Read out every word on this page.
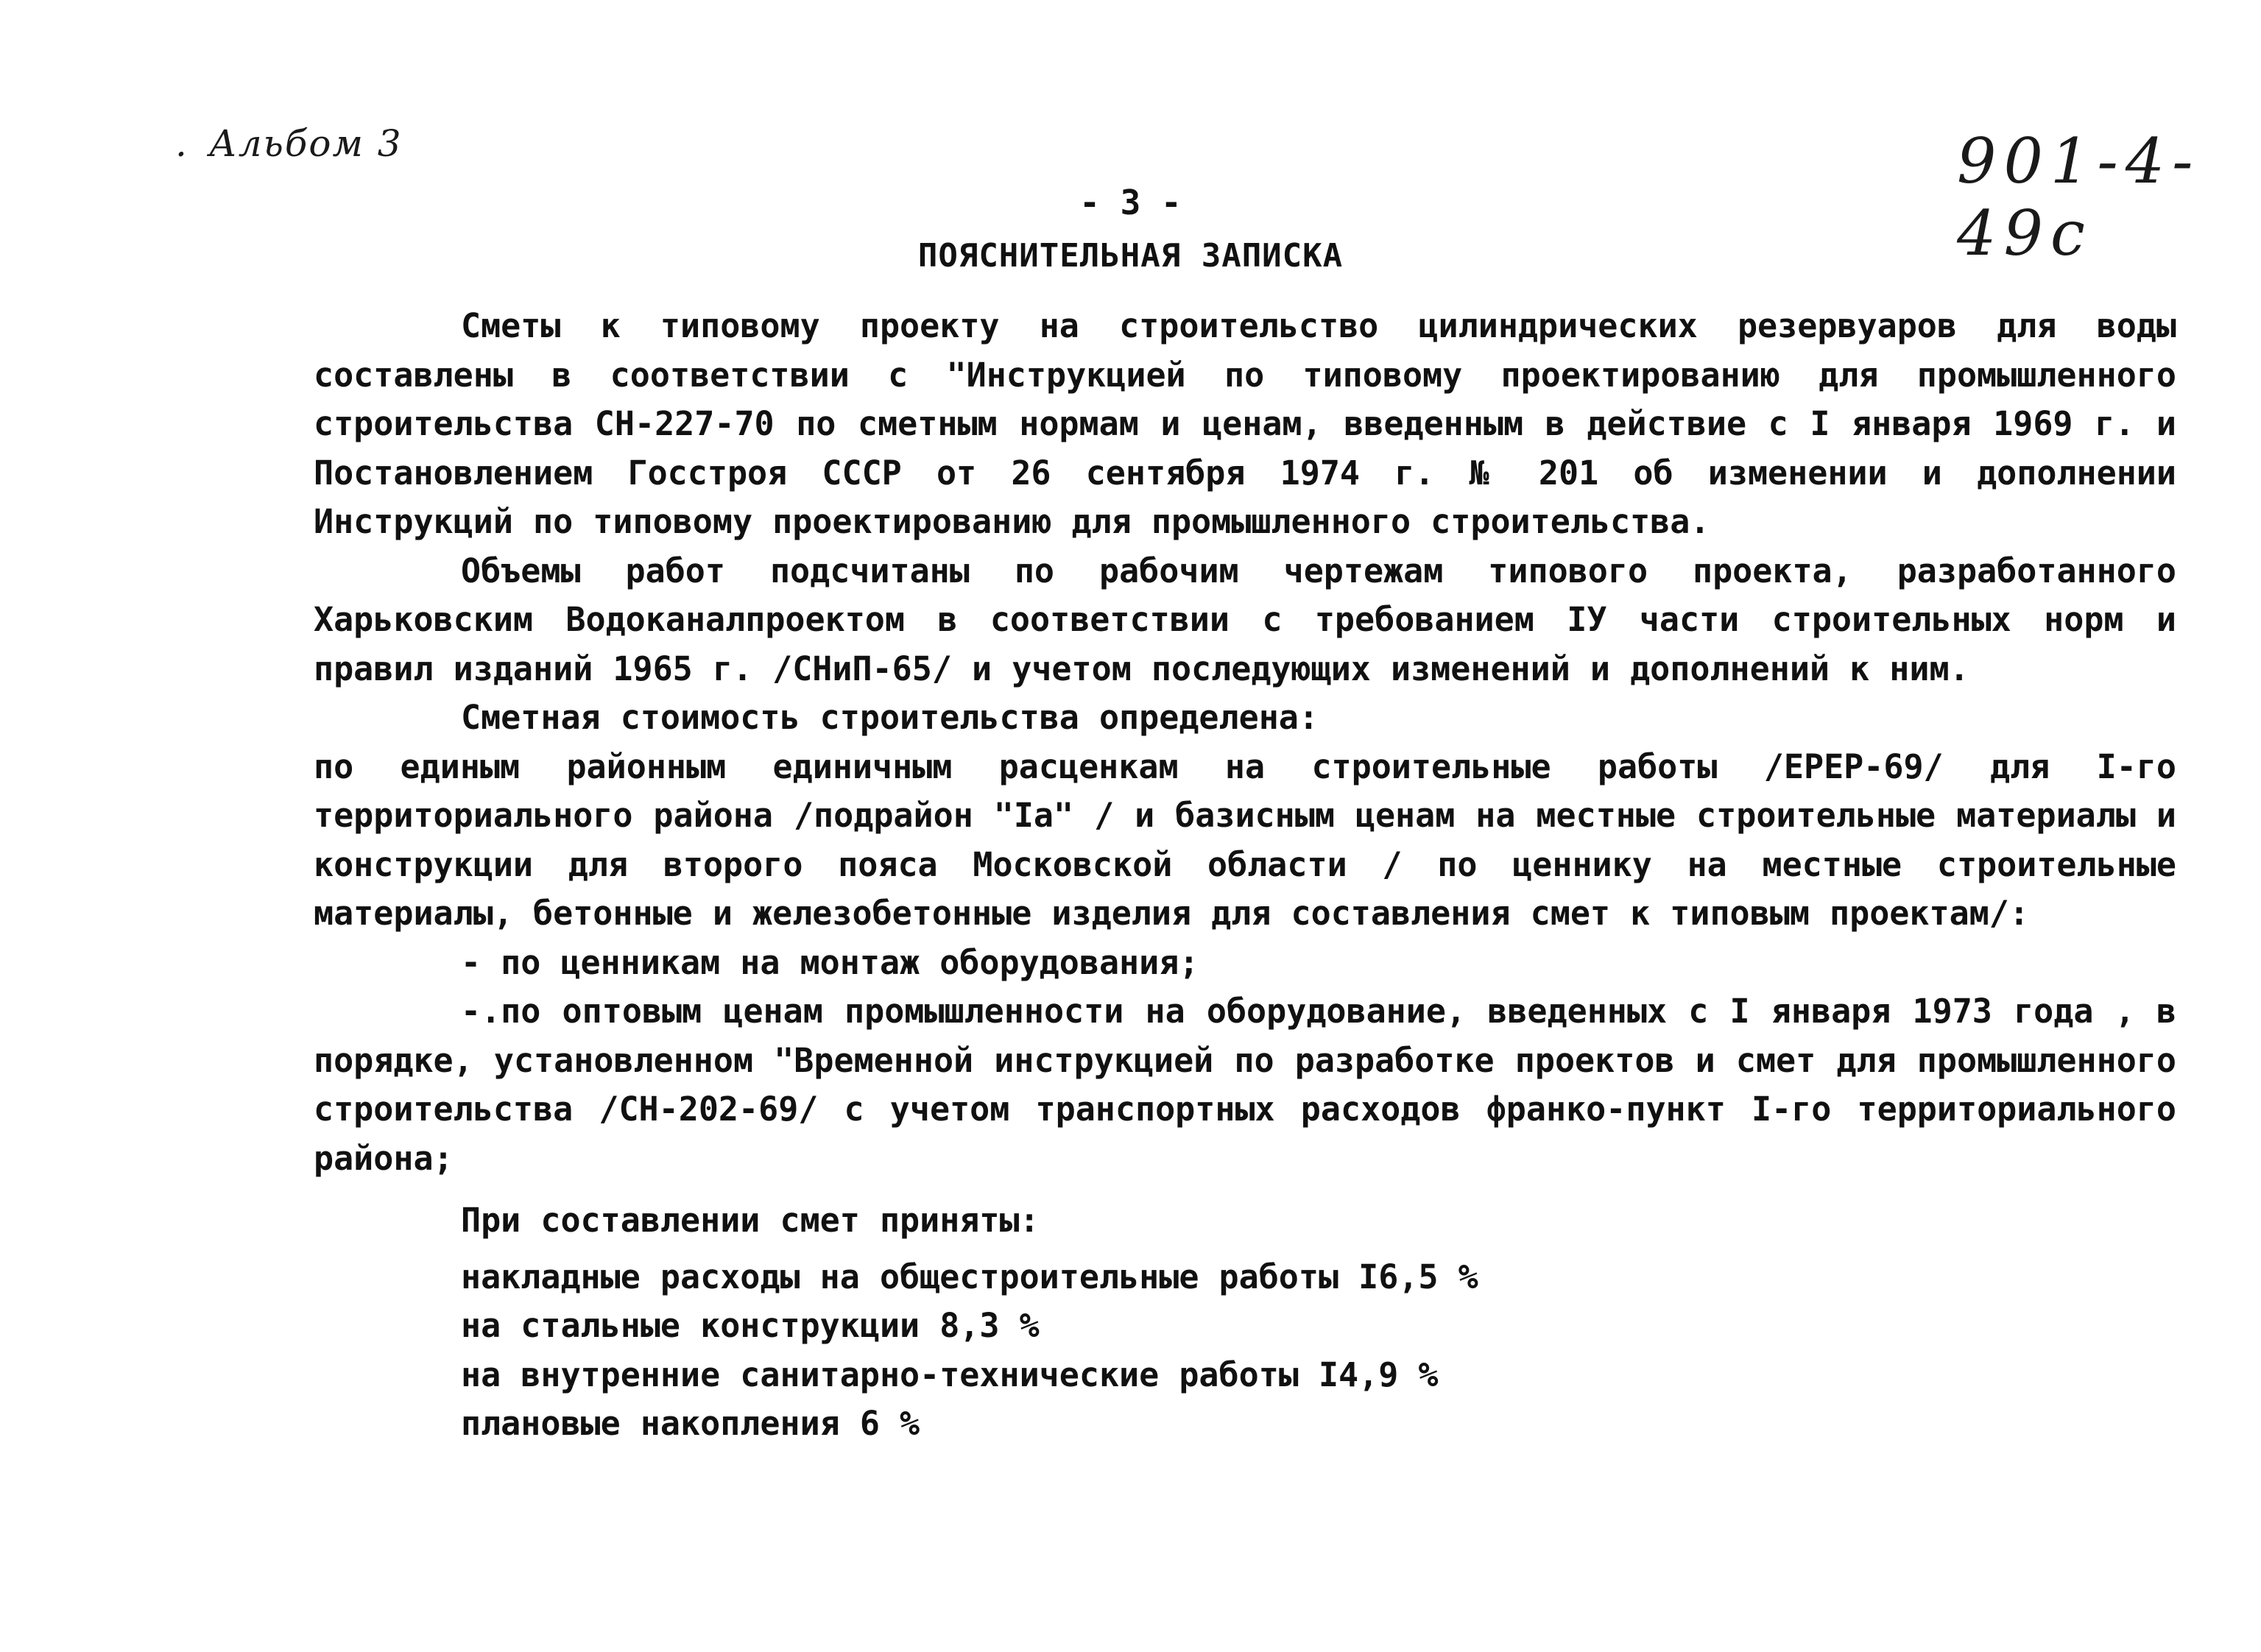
. Альбом 3	901-4-49с
- 3 -
ПОЯСНИТЕЛЬНАЯ ЗАПИСКА

Сметы к типовому проекту на строительство цилиндрических резервуаров для воды составлены в соответствии с "Инструкцией по типовому проектированию для промышленного строительства СН-227-70 по сметным нормам и ценам, введенным в действие с I января 1969 г. и Постановлением Госстроя СССР от 26 сентября 1974 г. № 201 об изменении и дополнении Инструкций по типовому проектированию для промышленного строительства.

Объемы работ подсчитаны по рабочим чертежам типового проекта, разработанного Харьковским Водоканалпроектом в соответствии с требованием IУ части строительных норм и правил изданий 1965 г. /СНиП-65/ и учетом последующих изменений и дополнений к ним.

Сметная стоимость строительства определена:

по единым районным единичным расценкам на строительные работы /ЕРЕР-69/ для I-го территориального района /подрайон "Iа" / и базисным ценам на местные строительные материалы и конструкции для второго пояса Московской области / по ценнику на местные строительные материалы, бетонные и железобетонные изделия для составления смет к типовым проектам/:

- по ценникам на монтаж оборудования;

-.по оптовым ценам промышленности на оборудование, введенных с I января 1973 года , в порядке, установленном "Временной инструкцией по разработке проектов и смет для промышленного строительства /СН-202-69/ с учетом транспортных расходов франко-пункт I-го территориального района;

При составлении смет приняты:

накладные расходы на общестроительные работы I6,5 %

на стальные конструкции 8,3 %

на внутренние санитарно-технические работы I4,9 %

плановые накопления 6 %
